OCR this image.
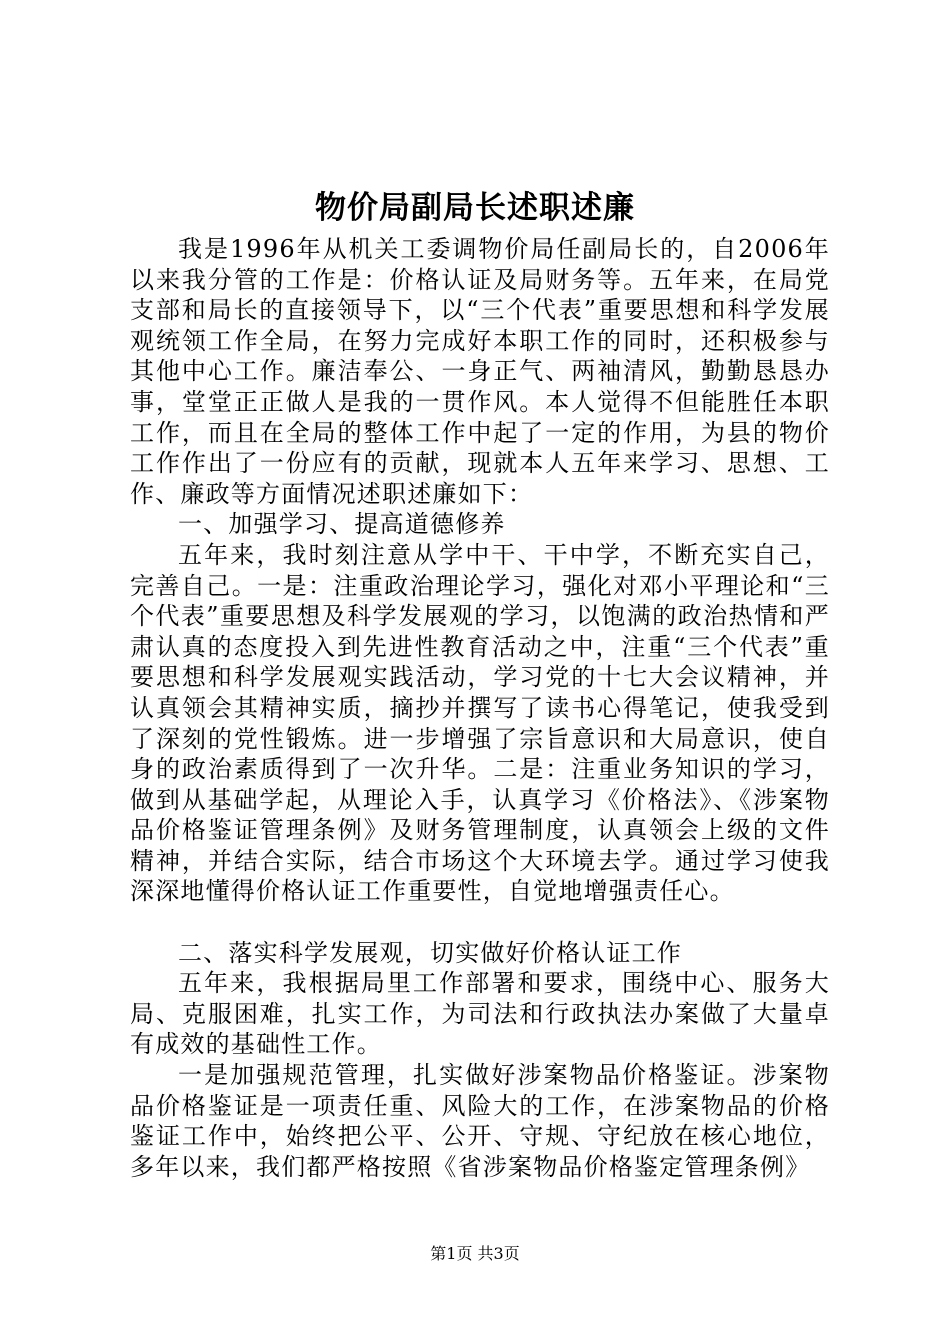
物价局副局长述职述廉

我是1996年从机关工委调物价局任副局长的，自2006年以来我分管的工作是：价格认证及局财务等。五年来，在局党支部和局长的直接领导下，以“三个代表”重要思想和科学发展观统领工作全局，在努力完成好本职工作的同时，还积极参与其他中心工作。廉洁奉公、一身正气、两袖清风，勤勤恳恳办事，堂堂正正做人是我的一贯作风。本人觉得不但能胜任本职工作，而且在全局的整体工作中起了一定的作用，为县的物价工作作出了一份应有的贡献，现就本人五年来学习、思想、工作、廉政等方面情况述职述廉如下：

一、加强学习、提高道德修养

五年来，我时刻注意从学中干、干中学，不断充实自己，完善自己。一是：注重政治理论学习，强化对邓小平理论和“三个代表”重要思想及科学发展观的学习，以饱满的政治热情和严肃认真的态度投入到先进性教育活动之中，注重“三个代表”重要思想和科学发展观实践活动，学习党的十七大会议精神，并认真领会其精神实质，摘抄并撰写了读书心得笔记，使我受到了深刻的党性锻炼。进一步增强了宗旨意识和大局意识，使自身的政治素质得到了一次升华。二是：注重业务知识的学习，做到从基础学起，从理论入手，认真学习《价格法》、《涉案物品价格鉴证管理条例》及财务管理制度，认真领会上级的文件精神，并结合实际，结合市场这个大环境去学。通过学习使我深深地懂得价格认证工作重要性，自觉地增强责任心。

二、落实科学发展观，切实做好价格认证工作

五年来，我根据局里工作部署和要求，围绕中心、服务大局、克服困难，扎实工作，为司法和行政执法办案做了大量卓有成效的基础性工作。

一是加强规范管理，扎实做好涉案物品价格鉴证。涉案物品价格鉴证是一项责任重、风险大的工作，在涉案物品的价格鉴证工作中，始终把公平、公开、守规、守纪放在核心地位，多年以来，我们都严格按照《省涉案物品价格鉴定管理条例》

第1页 共3页
